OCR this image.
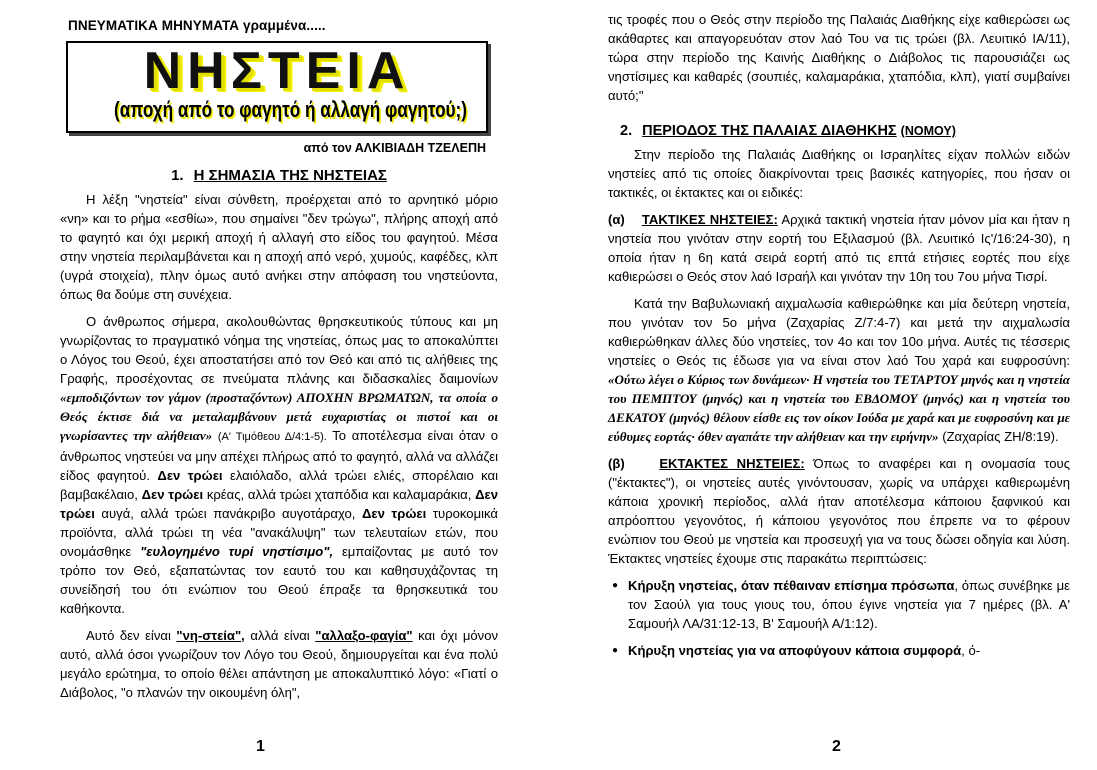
ΠΝΕΥΜΑΤΙΚΑ ΜΗΝΥΜΑΤΑ γραμμένα.....
ΝΗΣΤΕΙΑ
(αποχή από το φαγητό ή αλλαγή φαγητού;)
από τον ΑΛΚΙΒΙΑΔΗ ΤΖΕΛΕΠΗ
1. Η ΣΗΜΑΣΙΑ ΤΗΣ ΝΗΣΤΕΙΑΣ

Η λέξη "νηστεία" είναι σύνθετη, προέρχεται από το αρνητικό μόριο «νη» και το ρήμα «εσθίω», που σημαίνει "δεν τρώγω", πλήρης αποχή από το φαγητό και όχι μερική αποχή ή αλλαγή στο είδος του φαγητού. Μέσα στην νηστεία περιλαμβάνεται και η αποχή από νερό, χυμούς, καφέδες, κλπ (υγρά στοιχεία), πλην όμως αυτό ανήκει στην απόφαση του νηστεύοντα, όπως θα δούμε στη συνέχεια.

Ο άνθρωπος σήμερα, ακολουθώντας θρησκευτικούς τύπους και μη γνωρίζοντας το πραγματικό νόημα της νηστείας, όπως μας το αποκαλύπτει ο Λόγος του Θεού, έχει αποστατήσει από τον Θεό και από τις αλήθειες της Γραφής, προσέχοντας σε πνεύματα πλάνης και διδασκαλίες δαιμονίων «εμποδιζόντων τον γάμον (προσταζόντων) ΑΠΟΧΗΝ ΒΡΩΜΑΤΩΝ, τα οποία ο Θεός έκτισε διά να μεταλαμβάνουν μετά ευχαριστίας οι πιστοί και οι γνωρίσαντες την αλήθειαν» (Α' Τιμόθεου Δ/4:1-5). Το αποτέλεσμα είναι όταν ο άνθρωπος νηστεύει να μην απέχει πλήρως από το φαγητό, αλλά να αλλάζει είδος φαγητού. Δεν τρώει ελαιόλαδο, αλλά τρώει ελιές, σπορέλαιο και βαμβακέλαιο, Δεν τρώει κρέας, αλλά τρώει χταπόδια και καλαμαράκια, Δεν τρώει αυγά, αλλά τρώει πανάκριβο αυγοτάραχο, Δεν τρώει τυροκομικά προϊόντα, αλλά τρώει τη νέα "ανακάλυψη" των τελευταίων ετών, που ονομάσθηκε "ευλογημένο τυρί νηστίσιμο", εμπαίζοντας με αυτό τον τρόπο τον Θεό, εξαπατώντας τον εαυτό του και καθησυχάζοντας τη συνείδησή του ότι ενώπιον του Θεού έπραξε τα θρησκευτικά του καθήκοντα.

Αυτό δεν είναι "νη-στεία", αλλά είναι "αλλαξο-φαγία" και όχι μόνον αυτό, αλλά όσοι γνωρίζουν τον Λόγο του Θεού, δημιουργείται και ένα πολύ μεγάλο ερώτημα, το οποίο θέλει απάντηση με αποκαλυπτικό λόγο: «Γιατί ο Διάβολος, "ο πλανών την οικουμένη όλη",

1

τις τροφές που ο Θεός στην περίοδο της Παλαιάς Διαθήκης είχε καθιερώσει ως ακάθαρτες και απαγορευόταν στον λαό Του να τις τρώει (βλ. Λευιτικό ΙΑ/11), τώρα στην περίοδο της Καινής Διαθήκης ο Διάβολος τις παρουσιάζει ως νηστίσιμες και καθαρές (σουπιές, καλαμαράκια, χταπόδια, κλπ), γιατί συμβαίνει αυτό;"

2. ΠΕΡΙΟΔΟΣ ΤΗΣ ΠΑΛΑΙΑΣ ΔΙΑΘΗΚΗΣ (ΝΟΜΟΥ)

Στην περίοδο της Παλαιάς Διαθήκης οι Ισραηλίτες είχαν πολλών ειδών νηστείες από τις οποίες διακρίνονται τρεις βασικές κατηγορίες, που ήσαν οι τακτικές, οι έκτακτες και οι ειδικές:

(α) ΤΑΚΤΙΚΕΣ ΝΗΣΤΕΙΕΣ: Αρχικά τακτική νηστεία ήταν μόνον μία και ήταν η νηστεία που γινόταν στην εορτή του Εξιλασμού (βλ. Λευιτικό Ις'/16:24-30), η οποία ήταν η 6η κατά σειρά εορτή από τις επτά ετήσιες εορτές που είχε καθιερώσει ο Θεός στον λαό Ισραήλ και γινόταν την 10η του 7ου μήνα Τισρί.

Κατά την Βαβυλωνιακή αιχμαλωσία καθιερώθηκε και μία δεύτερη νηστεία, που γινόταν τον 5ο μήνα (Ζαχαρίας Ζ/7:4-7) και μετά την αιχμαλωσία καθιερώθηκαν άλλες δύο νηστείες, τον 4ο και τον 10ο μήνα. Αυτές τις τέσσερις νηστείες ο Θεός τις έδωσε για να είναι στον λαό Του χαρά και ευφροσύνη: «Ούτω λέγει ο Κύριος των δυνάμεων· Η νηστεία του ΤΕΤΑΡΤΟΥ μηνός και η νηστεία του ΠΕΜΠΤΟΥ (μηνός) και η νηστεία του ΕΒΔΟΜΟΥ (μηνός) και η νηστεία του ΔΕΚΑΤΟΥ (μηνός) θέλουν είσθε εις τον οίκον Ιούδα με χαρά και με ευφροσύνη και με εύθυμες εορτάς· όθεν αγαπάτε την αλήθειαν και την ειρήνην» (Ζαχαρίας ΖΗ/8:19).

(β)	ΕΚΤΑΚΤΕΣ ΝΗΣΤΕΙΕΣ: Όπως το αναφέρει και η ονομασία τους ("έκτακτες"), οι νηστείες αυτές γινόντουσαν, χωρίς να υπάρχει καθιερωμένη κάποια χρονική περίοδος, αλλά ήταν αποτέλεσμα κάποιου ξαφνικού και απρόοπτου γεγονότος, ή κάποιου γεγονότος που έπρεπε να το φέρουν ενώπιον του Θεού με νηστεία και προσευχή για να τους δώσει οδηγία και λύση. Έκτακτες νηστείες έχουμε στις παρακάτω περιπτώσεις:

● Κήρυξη νηστείας, όταν πέθαιναν επίσημα πρόσωπα, όπως συνέβηκε με τον Σαούλ για τους γιους του, όπου έγινε νηστεία για 7 ημέρες (βλ. Α' Σαμουήλ ΛΑ/31:12-13, Β' Σαμουήλ Α/1:12).

● Κήρυξη νηστείας για να αποφύγουν κάποια συμφορά, ό-

2
